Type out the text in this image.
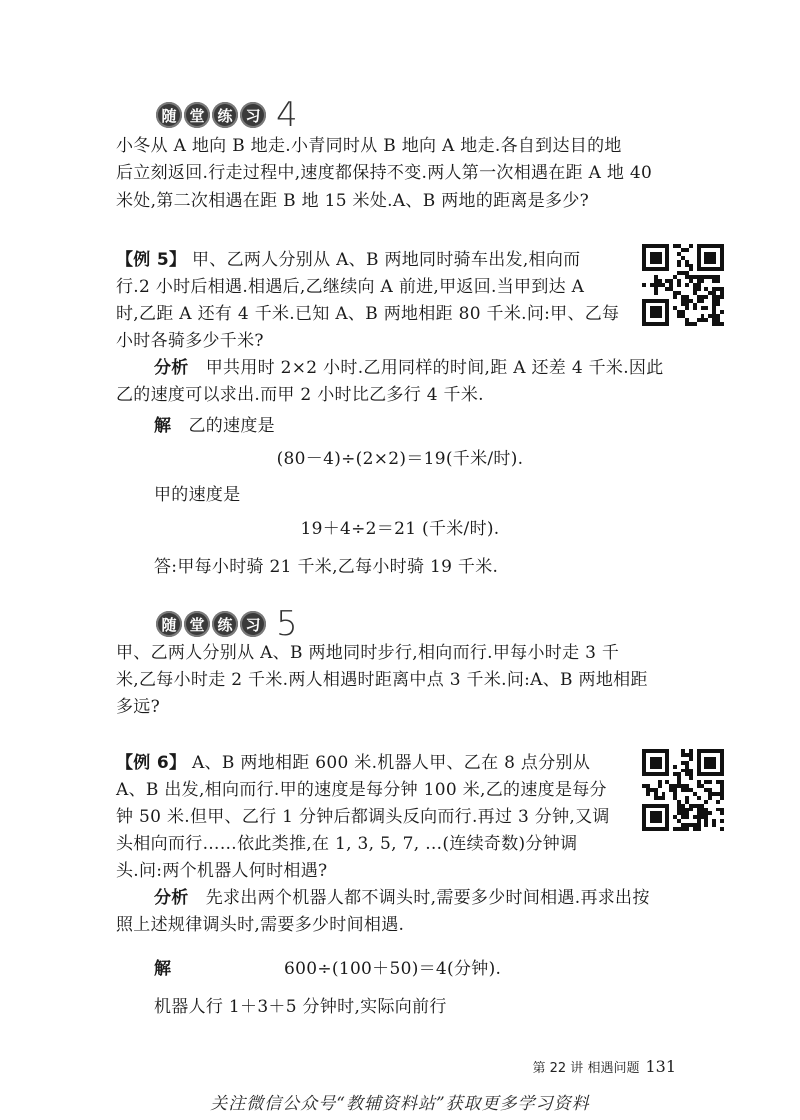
随 堂 练 习 4
小冬从 A 地向 B 地走.小青同时从 B 地向 A 地走.各自到达目的地
后立刻返回.行走过程中,速度都保持不变.两人第一次相遇在距 A 地 40
米处,第二次相遇在距 B 地 15 米处.A、B 两地的距离是多少?
【例 5】 甲、乙两人分别从 A、B 两地同时骑车出发,相向而
行.2 小时后相遇.相遇后,乙继续向 A 前进,甲返回.当甲到达 A
时,乙距 A 还有 4 千米.已知 A、B 两地相距 80 千米.问:甲、乙每
小时各骑多少千米?
分析 甲共用时 2×2 小时.乙用同样的时间,距 A 还差 4 千米.因此
乙的速度可以求出.而甲 2 小时比乙多行 4 千米.
解 乙的速度是
(80－4)÷(2×2)＝19(千米/时).
甲的速度是
19＋4÷2＝21 (千米/时).
答:甲每小时骑 21 千米,乙每小时骑 19 千米.
随 堂 练 习 5
甲、乙两人分别从 A、B 两地同时步行,相向而行.甲每小时走 3 千
米,乙每小时走 2 千米.两人相遇时距离中点 3 千米.问:A、B 两地相距
多远?
【例 6】 A、B 两地相距 600 米.机器人甲、乙在 8 点分别从
A、B 出发,相向而行.甲的速度是每分钟 100 米,乙的速度是每分
钟 50 米.但甲、乙行 1 分钟后都调头反向而行.再过 3 分钟,又调
头相向而行……依此类推,在 1, 3, 5, 7, …(连续奇数)分钟调
头.问:两个机器人何时相遇?
分析 先求出两个机器人都不调头时,需要多少时间相遇.再求出按
照上述规律调头时,需要多少时间相遇.
解	600÷(100＋50)＝4(分钟).
机器人行 1＋3＋5 分钟时,实际向前行
第 22 讲 相遇问题 131
关注微信公众号“教辅资料站”获取更多学习资料
